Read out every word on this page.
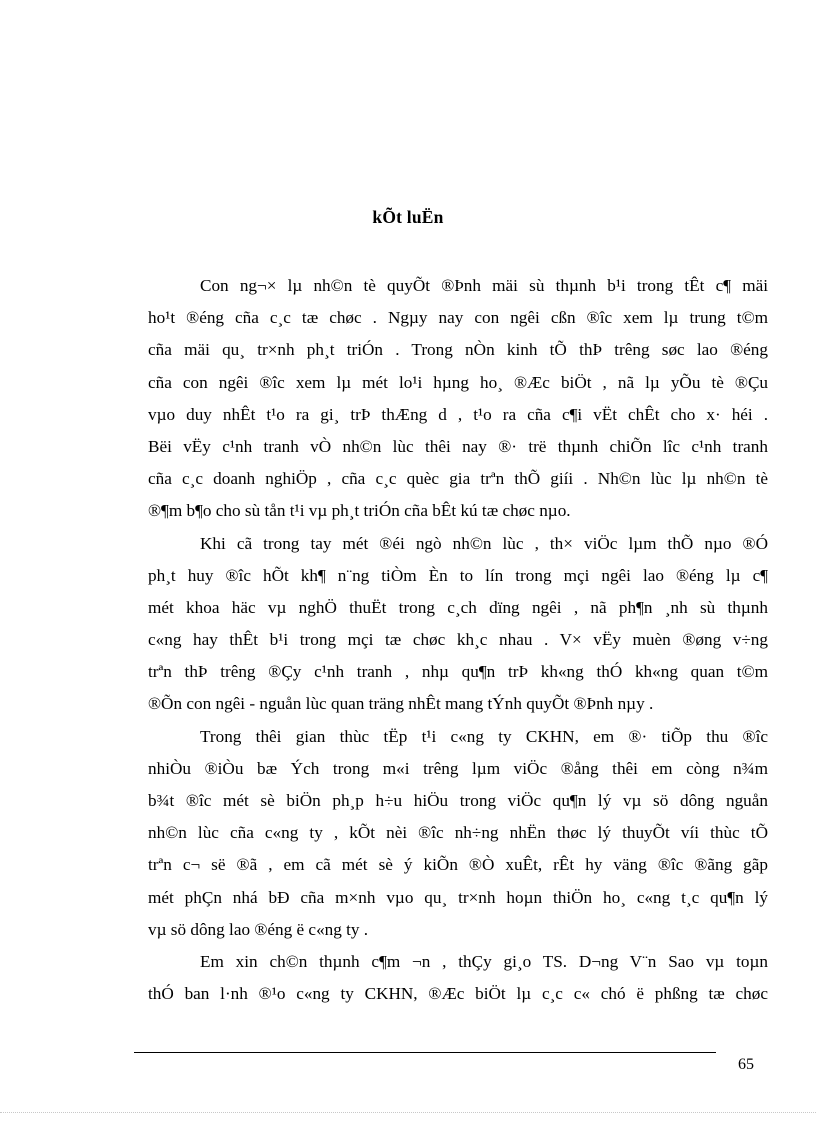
kÕt luËn
Con ng¬× lµ nh©n tè quyÕt ®Þnh mäi sù thµnh b¹i trong tÊt c¶ mäi
ho¹t ®éng cña c¸c tæ chøc . Ngµy nay con ngêi cßn ®îc xem lµ trung t©m
cña mäi qu¸ tr×nh ph¸t triÓn . Trong nÒn kinh tÕ thÞ trêng søc lao ®éng
cña con ngêi ®îc xem lµ mét lo¹i hµng ho¸ ®Æc biÖt , nã lµ yÕu tè ®Çu
vµo duy nhÊt t¹o ra gi¸ trÞ thÆng d , t¹o ra cña c¶i vËt chÊt cho x· héi .
Bëi vËy c¹nh tranh vÒ nh©n lùc thêi nay ®· trë thµnh chiÕn lîc c¹nh tranh
cña c¸c doanh nghiÖp , cña c¸c quèc gia trªn thÕ giíi . Nh©n lùc lµ nh©n tè
®¶m b¶o cho sù tån t¹i vµ ph¸t triÓn cña bÊt kú tæ chøc nµo.
Khi cã trong tay mét ®éi ngò nh©n lùc , th× viÖc lµm thÕ nµo ®Ó
ph¸t huy ®îc hÕt kh¶ n¨ng tiÒm Èn to lín trong mçi ngêi lao ®éng lµ c¶
mét khoa häc vµ nghÖ thuËt trong c¸ch dïng ngêi , nã ph¶n ¸nh sù thµnh
c«ng hay thÊt b¹i trong mçi tæ chøc kh¸c nhau . V× vËy muèn ®øng v÷ng
trªn thÞ trêng ®Çy c¹nh tranh , nhµ qu¶n trÞ kh«ng thÓ kh«ng quan t©m
®Õn con ngêi - nguån lùc quan träng nhÊt mang tÝnh quyÕt ®Þnh nµy .
Trong thêi gian thùc tËp t¹i c«ng ty CKHN, em ®· tiÕp thu ®îc
nhiÒu ®iÒu bæ Ých trong m«i trêng lµm viÖc ®ång thêi em còng n¾m
b¾t ®îc mét sè biÖn ph¸p h÷u hiÖu trong viÖc qu¶n lý vµ sö dông nguån
nh©n lùc cña c«ng ty , kÕt nèi ®îc nh÷ng nhËn thøc lý thuyÕt víi thùc tÕ
trªn c¬ së ®ã , em cã mét sè ý kiÕn ®Ò xuÊt, rÊt hy väng ®îc ®ãng gãp
mét phÇn nhá bÐ cña m×nh vµo qu¸ tr×nh hoµn thiÖn ho¸ c«ng t¸c qu¶n lý
vµ sö dông lao ®éng ë c«ng ty .
Em xin ch©n thµnh c¶m ¬n , thÇy gi¸o TS. D¬ng V¨n Sao vµ toµn
thÓ ban l·nh ®¹o c«ng ty CKHN, ®Æc biÖt lµ c¸c c« chó ë phßng tæ chøc
65
